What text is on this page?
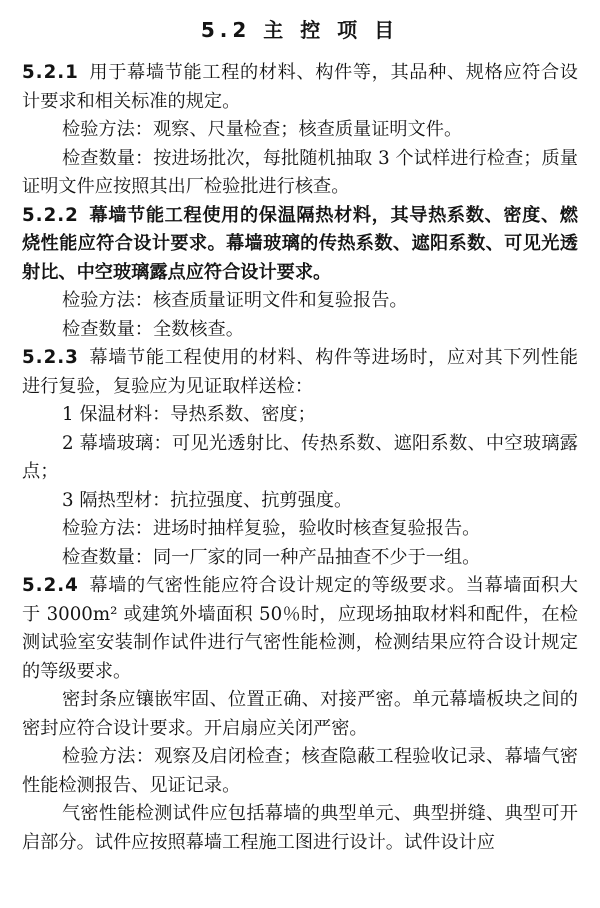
5.2 主 控 项 目

5.2.1 用于幕墙节能工程的材料、构件等，其品种、规格应符合设计要求和相关标准的规定。

检验方法：观察、尺量检查；核查质量证明文件。

检查数量：按进场批次，每批随机抽取 3 个试样进行检查；质量证明文件应按照其出厂检验批进行核查。

5.2.2 幕墙节能工程使用的保温隔热材料，其导热系数、密度、燃烧性能应符合设计要求。幕墙玻璃的传热系数、遮阳系数、可见光透射比、中空玻璃露点应符合设计要求。

检验方法：核查质量证明文件和复验报告。

检查数量：全数核查。

5.2.3 幕墙节能工程使用的材料、构件等进场时，应对其下列性能进行复验，复验应为见证取样送检：

1 保温材料：导热系数、密度；

2 幕墙玻璃：可见光透射比、传热系数、遮阳系数、中空玻璃露点；

3 隔热型材：抗拉强度、抗剪强度。

检验方法：进场时抽样复验，验收时核查复验报告。

检查数量：同一厂家的同一种产品抽查不少于一组。

5.2.4 幕墙的气密性能应符合设计规定的等级要求。当幕墙面积大于 3000m² 或建筑外墙面积 50％时，应现场抽取材料和配件，在检测试验室安装制作试件进行气密性能检测，检测结果应符合设计规定的等级要求。

密封条应镶嵌牢固、位置正确、对接严密。单元幕墙板块之间的密封应符合设计要求。开启扇应关闭严密。

检验方法：观察及启闭检查；核查隐蔽工程验收记录、幕墙气密性能检测报告、见证记录。

气密性能检测试件应包括幕墙的典型单元、典型拼缝、典型可开启部分。试件应按照幕墙工程施工图进行设计。试件设计应
